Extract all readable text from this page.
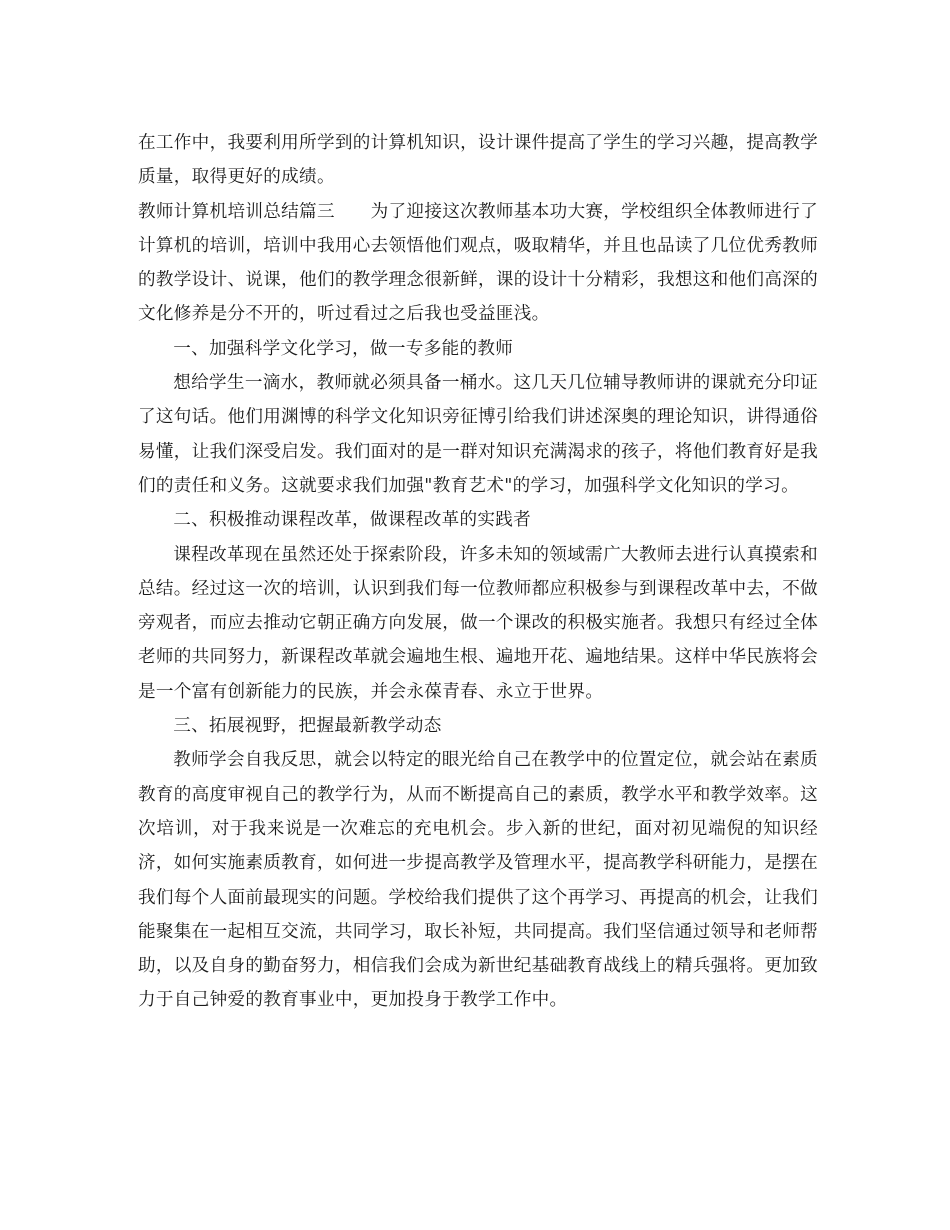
在工作中，我要利用所学到的计算机知识，设计课件提高了学生的学习兴趣，提高教学质量，取得更好的成绩。

教师计算机培训总结篇三　　为了迎接这次教师基本功大赛，学校组织全体教师进行了计算机的培训，培训中我用心去领悟他们观点，吸取精华，并且也品读了几位优秀教师的教学设计、说课，他们的教学理念很新鲜，课的设计十分精彩，我想这和他们高深的文化修养是分不开的，听过看过之后我也受益匪浅。

一、加强科学文化学习，做一专多能的教师

想给学生一滴水，教师就必须具备一桶水。这几天几位辅导教师讲的课就充分印证了这句话。他们用渊博的科学文化知识旁征博引给我们讲述深奥的理论知识，讲得通俗易懂，让我们深受启发。我们面对的是一群对知识充满渴求的孩子，将他们教育好是我们的责任和义务。这就要求我们加强"教育艺术"的学习，加强科学文化知识的学习。

二、积极推动课程改革，做课程改革的实践者

课程改革现在虽然还处于探索阶段，许多未知的领域需广大教师去进行认真摸索和总结。经过这一次的培训，认识到我们每一位教师都应积极参与到课程改革中去，不做旁观者，而应去推动它朝正确方向发展，做一个课改的积极实施者。我想只有经过全体老师的共同努力，新课程改革就会遍地生根、遍地开花、遍地结果。这样中华民族将会是一个富有创新能力的民族，并会永葆青春、永立于世界。

三、拓展视野，把握最新教学动态

教师学会自我反思，就会以特定的眼光给自己在教学中的位置定位，就会站在素质教育的高度审视自己的教学行为，从而不断提高自己的素质，教学水平和教学效率。这次培训，对于我来说是一次难忘的充电机会。步入新的世纪，面对初见端倪的知识经济，如何实施素质教育，如何进一步提高教学及管理水平，提高教学科研能力，是摆在我们每个人面前最现实的问题。学校给我们提供了这个再学习、再提高的机会，让我们能聚集在一起相互交流，共同学习，取长补短，共同提高。我们坚信通过领导和老师帮助，以及自身的勤奋努力，相信我们会成为新世纪基础教育战线上的精兵强将。更加致力于自己钟爱的教育事业中，更加投身于教学工作中。
